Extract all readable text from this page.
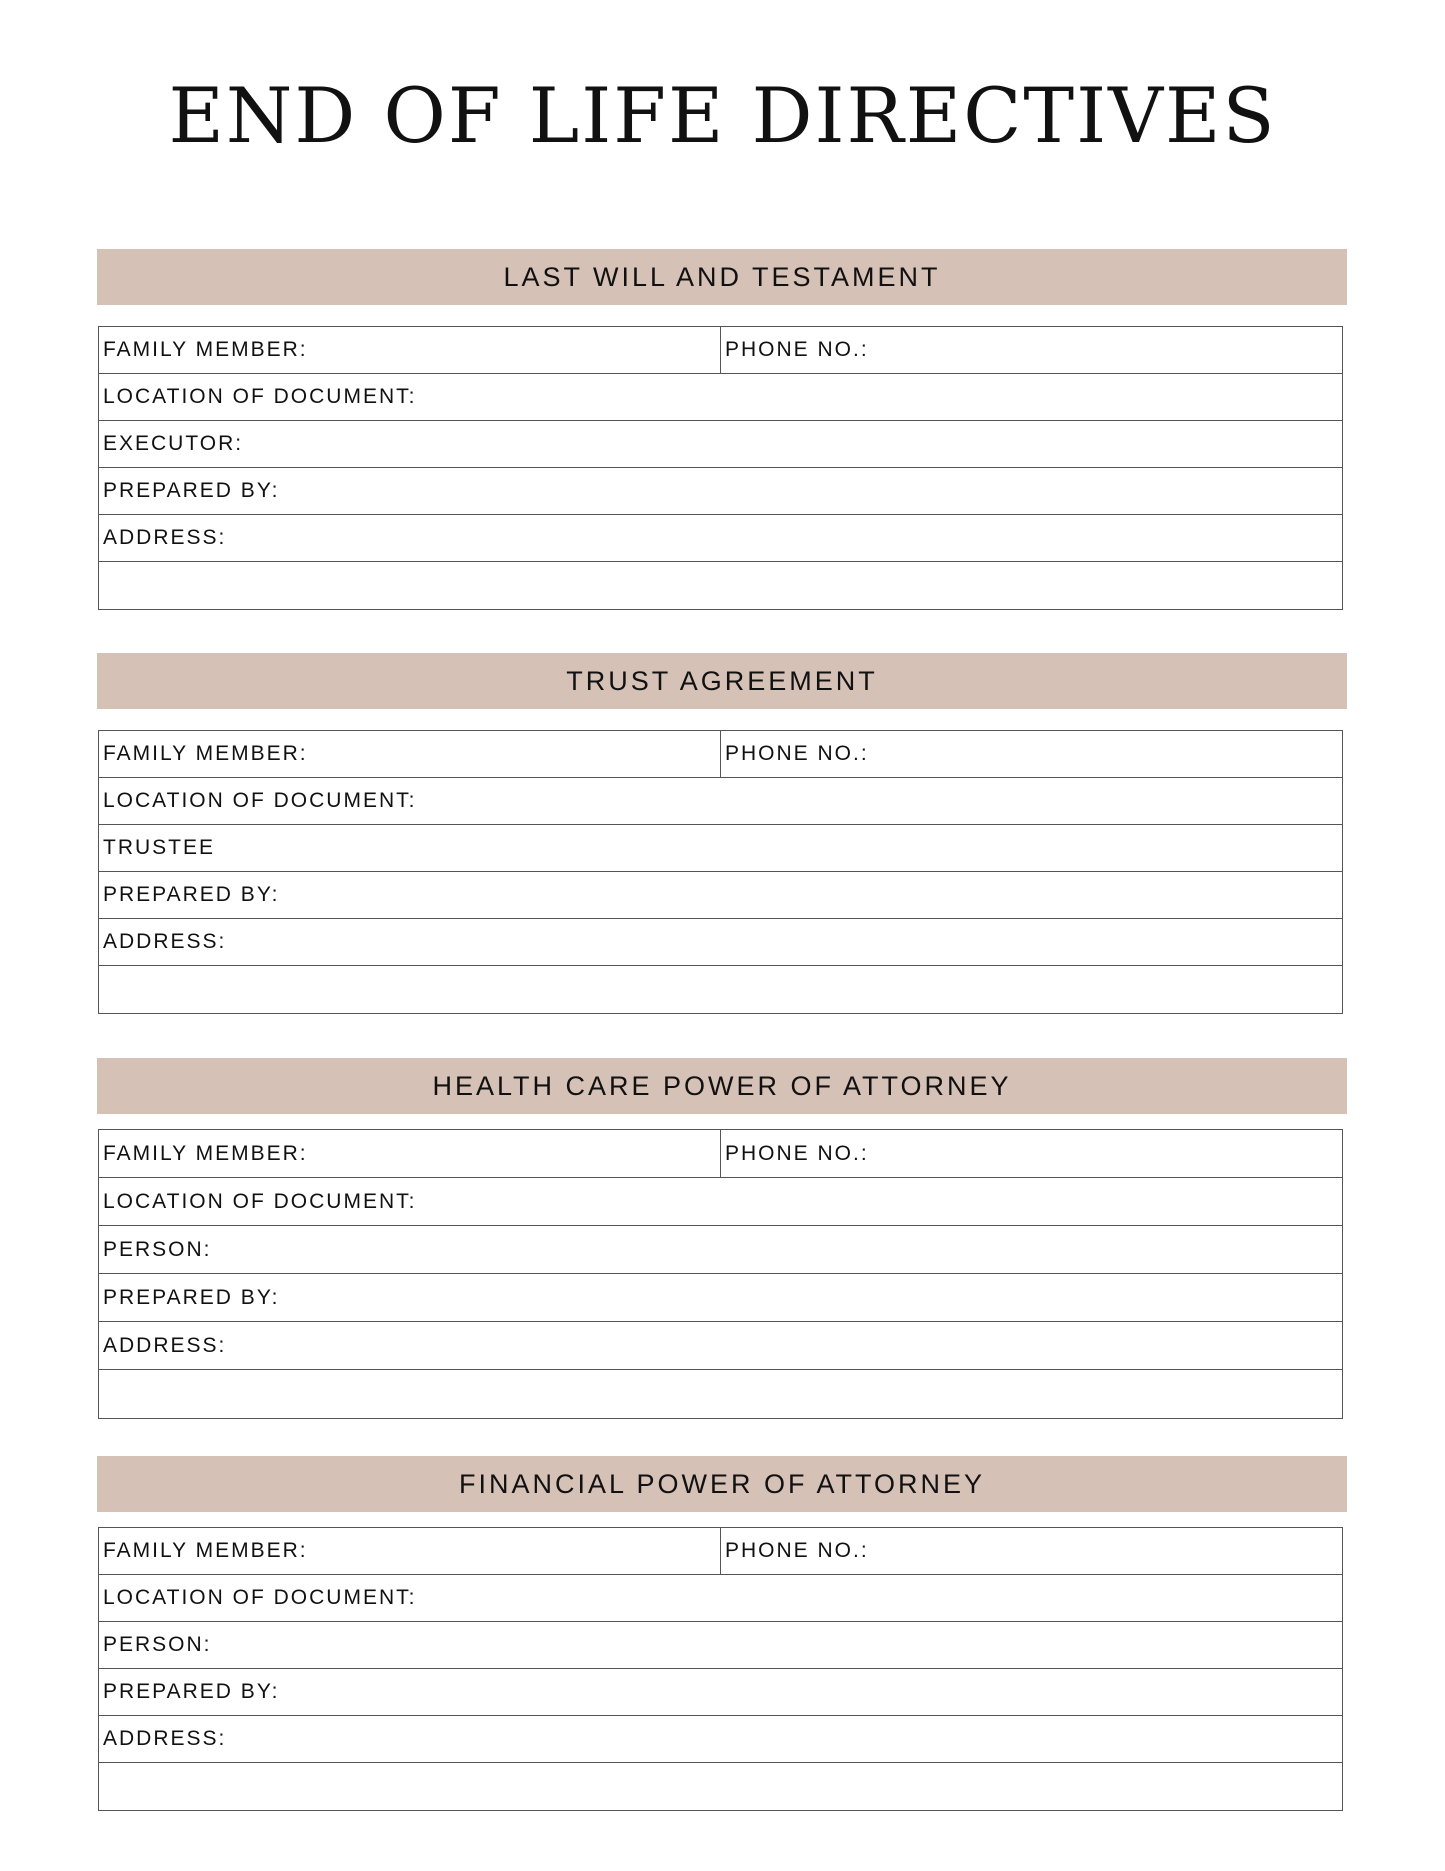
END OF LIFE DIRECTIVES
LAST WILL AND TESTAMENT
FAMILY MEMBER:	PHONE NO.:
LOCATION OF DOCUMENT:
EXECUTOR:
PREPARED BY:
ADDRESS:
TRUST AGREEMENT
FAMILY MEMBER:	PHONE NO.:
LOCATION OF DOCUMENT:
TRUSTEE
PREPARED BY:
ADDRESS:
HEALTH CARE POWER OF ATTORNEY
FAMILY MEMBER:	PHONE NO.:
LOCATION OF DOCUMENT:
PERSON:
PREPARED BY:
ADDRESS:
FINANCIAL POWER OF ATTORNEY
FAMILY MEMBER:	PHONE NO.:
LOCATION OF DOCUMENT:
PERSON:
PREPARED BY:
ADDRESS:
